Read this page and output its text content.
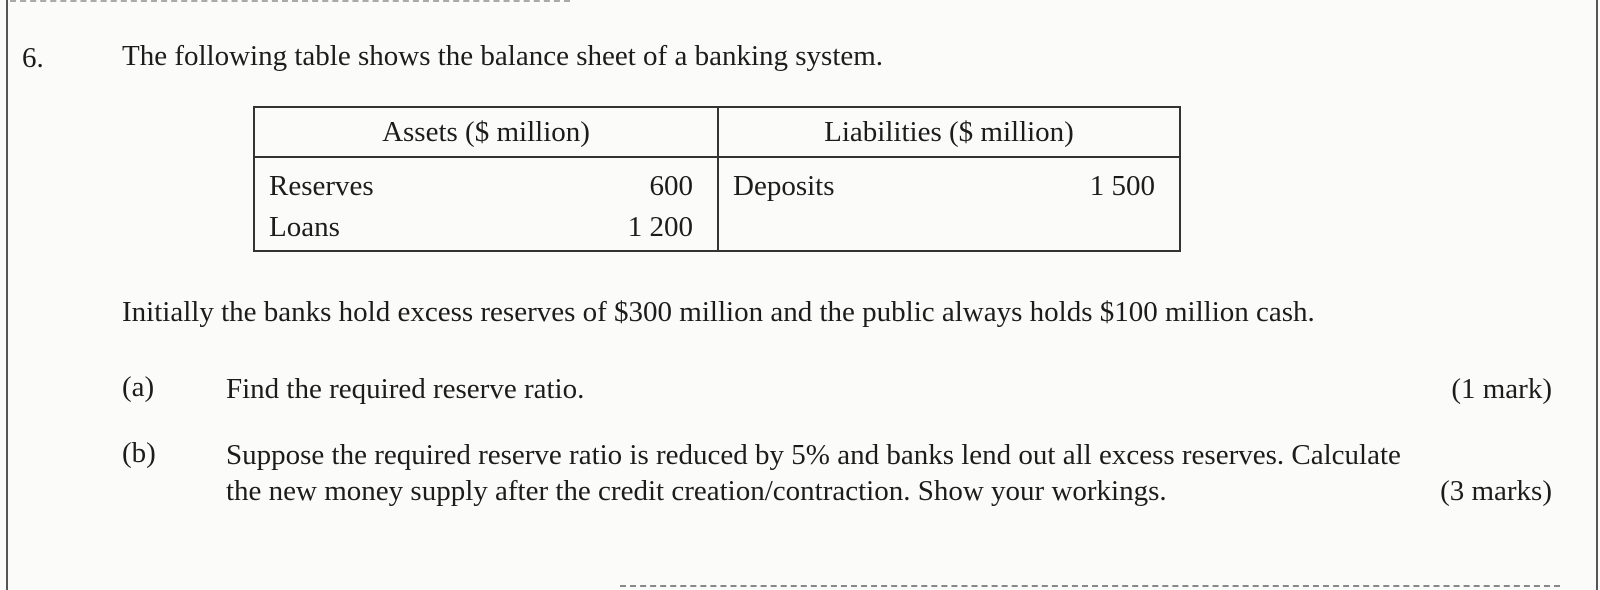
6.	The following table shows the balance sheet of a banking system.
Assets ($ million)	Liabilities ($ million)

Reserves 600	Deposits 1 500

Loans 1 200	

Initially the banks hold excess reserves of $300 million and the public always holds $100 million cash.
(a) Find the required reserve ratio.	(1 mark)
(b) Suppose the required reserve ratio is reduced by 5% and banks lend out all excess reserves. Calculate
the new money supply after the credit creation/contraction. Show your workings.	(3 marks)
